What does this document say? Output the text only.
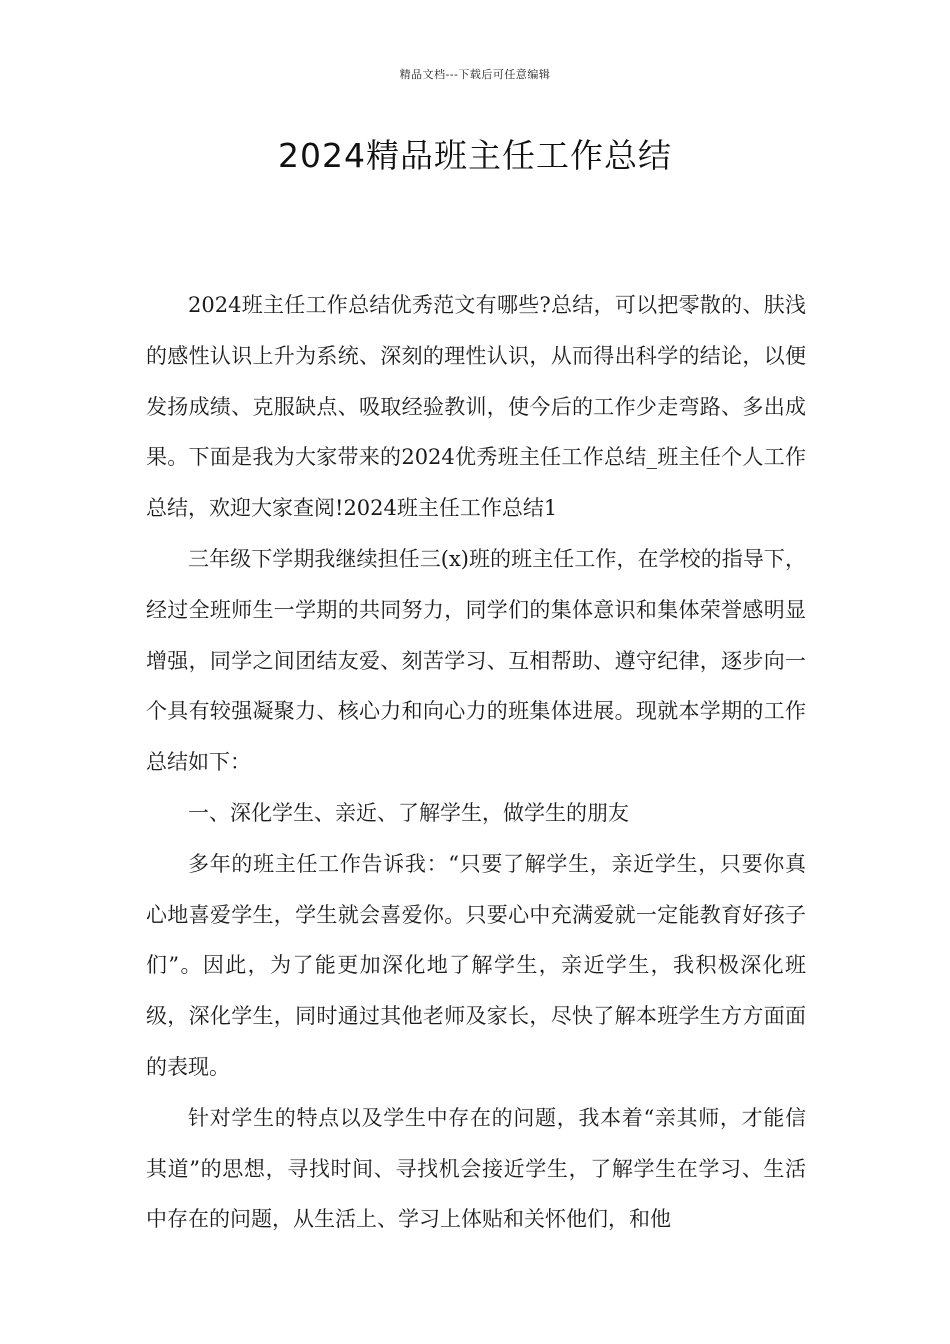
精品文档---下载后可任意编辑
2024精品班主任工作总结

2024班主任工作总结优秀范文有哪些?总结，可以把零散的、肤浅的感性认识上升为系统、深刻的理性认识，从而得出科学的结论，以便发扬成绩、克服缺点、吸取经验教训，使今后的工作少走弯路、多出成果。下面是我为大家带来的2024优秀班主任工作总结_班主任个人工作总结，欢迎大家查阅!2024班主任工作总结1

三年级下学期我继续担任三(x)班的班主任工作，在学校的指导下，经过全班师生一学期的共同努力，同学们的集体意识和集体荣誉感明显增强，同学之间团结友爱、刻苦学习、互相帮助、遵守纪律，逐步向一个具有较强凝聚力、核心力和向心力的班集体进展。现就本学期的工作总结如下：

一、深化学生、亲近、了解学生，做学生的朋友

多年的班主任工作告诉我：“只要了解学生，亲近学生，只要你真心地喜爱学生，学生就会喜爱你。只要心中充满爱就一定能教育好孩子们”。因此，为了能更加深化地了解学生，亲近学生，我积极深化班级，深化学生，同时通过其他老师及家长，尽快了解本班学生方方面面的表现。

针对学生的特点以及学生中存在的问题，我本着“亲其师，才能信其道”的思想，寻找时间、寻找机会接近学生，了解学生在学习、生活中存在的问题，从生活上、学习上体贴和关怀他们，和他
